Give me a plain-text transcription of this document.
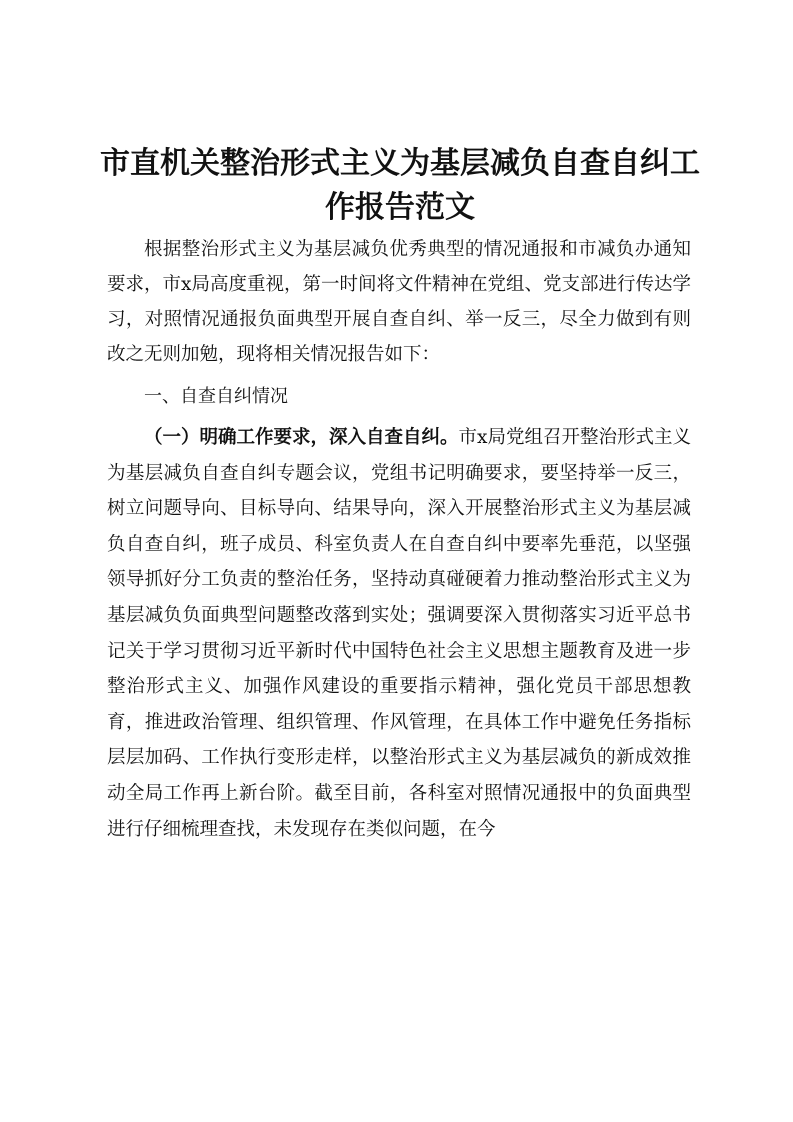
市直机关整治形式主义为基层减负自查自纠工作报告范文

根据整治形式主义为基层减负优秀典型的情况通报和市减负办通知要求，市x局高度重视，第一时间将文件精神在党组、党支部进行传达学习，对照情况通报负面典型开展自查自纠、举一反三，尽全力做到有则改之无则加勉，现将相关情况报告如下：

一、自查自纠情况

（一）明确工作要求，深入自查自纠。市x局党组召开整治形式主义为基层减负自查自纠专题会议，党组书记明确要求，要坚持举一反三，树立问题导向、目标导向、结果导向，深入开展整治形式主义为基层减负自查自纠，班子成员、科室负责人在自查自纠中要率先垂范，以坚强领导抓好分工负责的整治任务，坚持动真碰硬着力推动整治形式主义为基层减负负面典型问题整改落到实处；强调要深入贯彻落实习近平总书记关于学习贯彻习近平新时代中国特色社会主义思想主题教育及进一步整治形式主义、加强作风建设的重要指示精神，强化党员干部思想教育，推进政治管理、组织管理、作风管理，在具体工作中避免任务指标层层加码、工作执行变形走样，以整治形式主义为基层减负的新成效推动全局工作再上新台阶。截至目前，各科室对照情况通报中的负面典型进行仔细梳理查找，未发现存在类似问题，在今
